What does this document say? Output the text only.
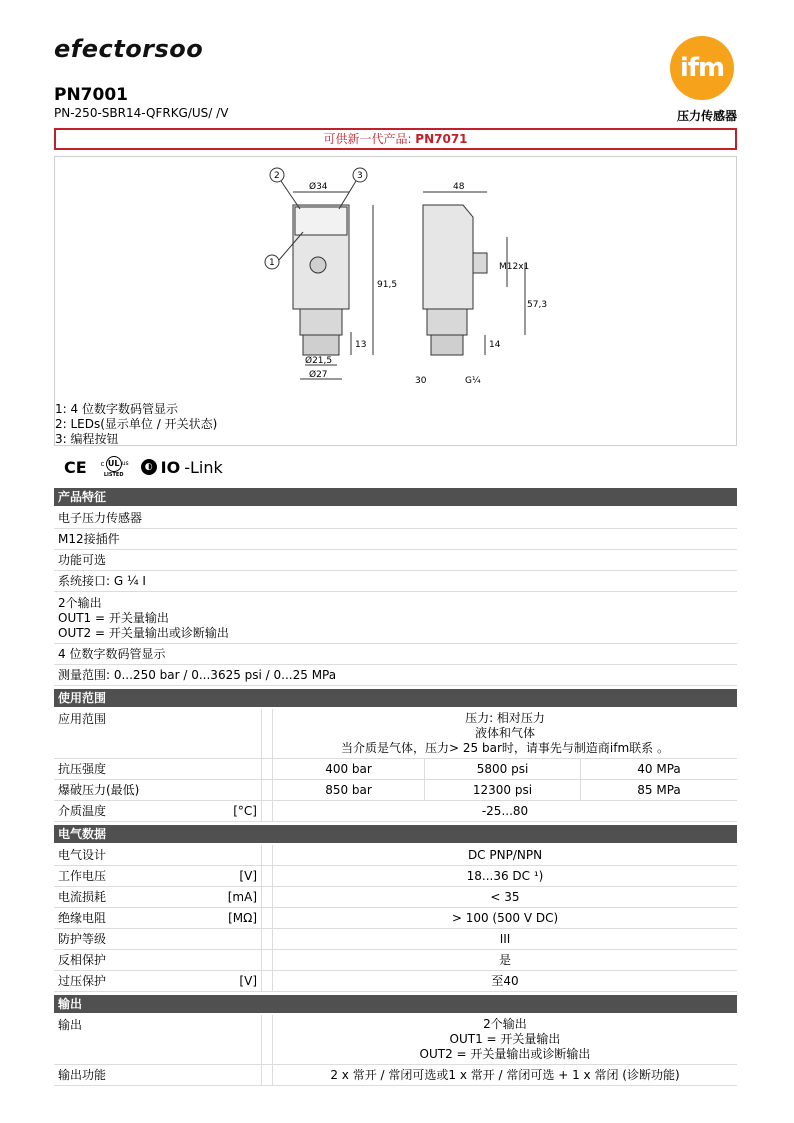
efectorsoo
ifm
PN7001
PN-250-SBR14-QFRKG/US/ /V	压力传感器
可供新一代产品: PN7071
Ø34	48
91,5
13
Ø21,5
Ø27
M12x1
57,3
14
30	G¼
2	3
1
1: 4 位数字数码管显示
2: LEDs(显示单位 / 开关状态)
3: 编程按钮
CE c UL us
LISTED
◐ IO -Link
产品特征
电子压力传感器
M12接插件
功能可选
系统接口: G ¼ I
2个输出
OUT1 = 开关量输出
OUT2 = 开关量输出或诊断输出
4 位数字数码管显示
测量范围: 0...250 bar / 0...3625 psi / 0...25 MPa
使用范围
应用范围	压力: 相对压力
液体和气体
当介质是气体，压力> 25 bar时，请事先与制造商ifm联系 。
抗压强度	400 bar	5800 psi	40 MPa
爆破压力(最低)	850 bar	12300 psi	85 MPa
介质温度	[°C]	-25...80
电气数据
电气设计	DC PNP/NPN
工作电压	[V]	18...36 DC ¹)
电流损耗	[mA]	< 35
绝缘电阻	[MΩ]	> 100 (500 V DC)
防护等级	III
反相保护	是
过压保护	[V]	至40
输出
输出	2个输出
OUT1 = 开关量输出
OUT2 = 开关量输出或诊断输出
输出功能	2 x 常开 / 常闭可选或1 x 常开 / 常闭可选 + 1 x 常闭 (诊断功能)
